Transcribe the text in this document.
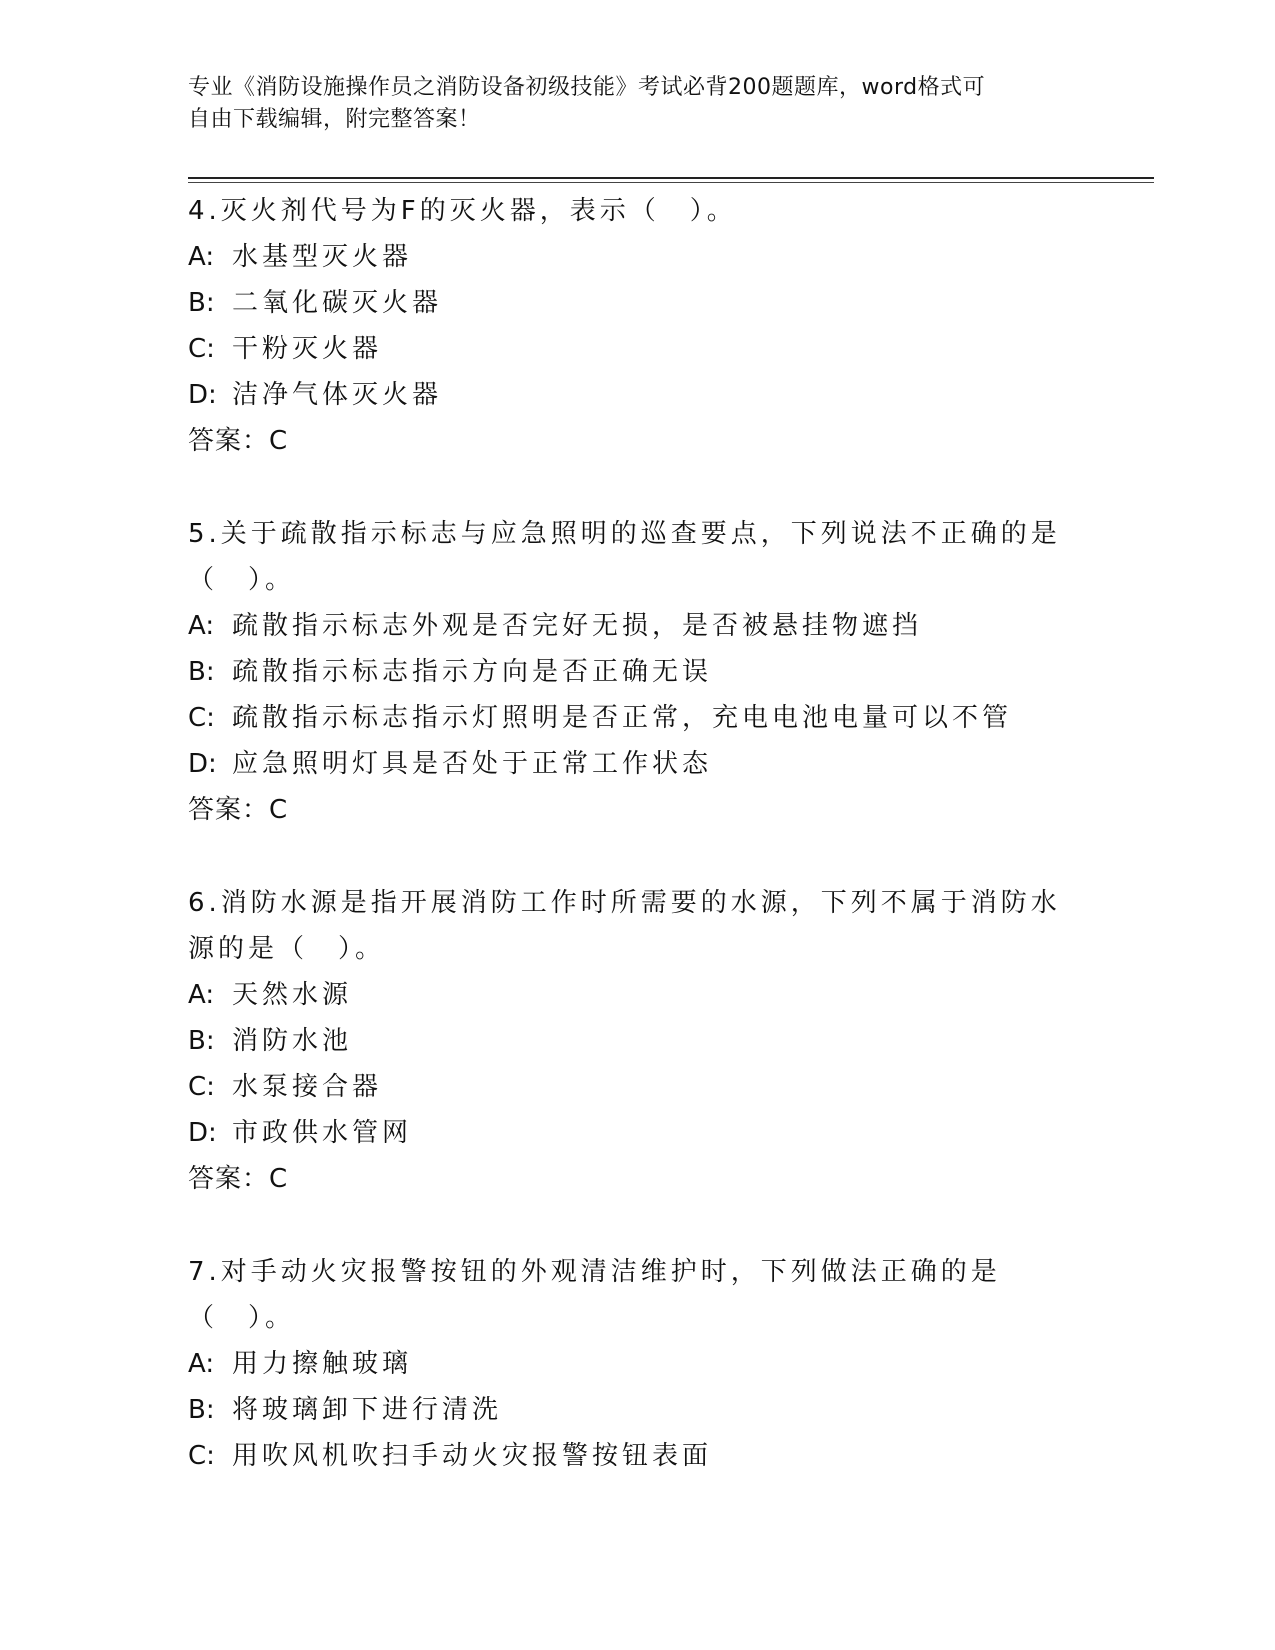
专业《消防设施操作员之消防设备初级技能》考试必背200题题库，word格式可
自由下载编辑，附完整答案！
4.灭火剂代号为F的灭火器，表示（　）。
A: 水基型灭火器
B: 二氧化碳灭火器
C: 干粉灭火器
D: 洁净气体灭火器
答案：C
5.关于疏散指示标志与应急照明的巡查要点，下列说法不正确的是（　）。
A: 疏散指示标志外观是否完好无损，是否被悬挂物遮挡
B: 疏散指示标志指示方向是否正确无误
C: 疏散指示标志指示灯照明是否正常，充电电池电量可以不管
D: 应急照明灯具是否处于正常工作状态
答案：C
6.消防水源是指开展消防工作时所需要的水源，下列不属于消防水源的是（　）。
A: 天然水源
B: 消防水池
C: 水泵接合器
D: 市政供水管网
答案：C
7.对手动火灾报警按钮的外观清洁维护时，下列做法正确的是（　）。
A: 用力擦触玻璃
B: 将玻璃卸下进行清洗
C: 用吹风机吹扫手动火灾报警按钮表面
